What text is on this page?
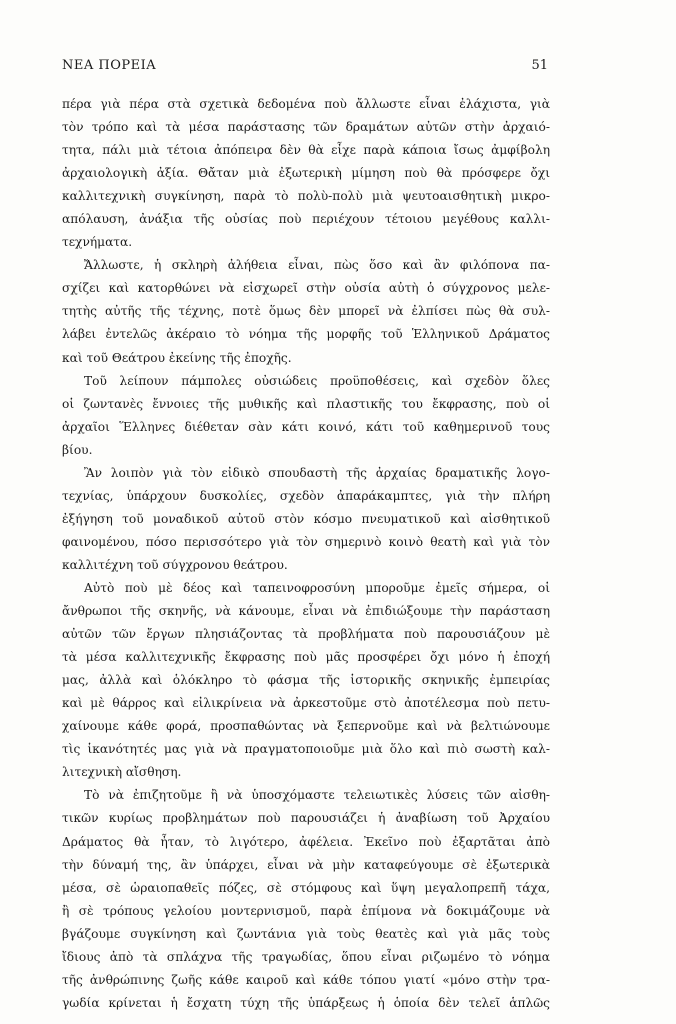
ΝΕΑ ΠΟΡΕΙΑ	51
πέρα γιὰ πέρα στὰ σχετικὰ δεδομένα ποὺ ἄλλωστε εἶναι ἐλάχιστα, γιὰ
τὸν τρόπο καὶ τὰ μέσα παράστασης τῶν δραμάτων αὐτῶν στὴν ἀρχαιό-
τητα, πάλι μιὰ τέτοια ἀπόπειρα δὲν θὰ εἶχε παρὰ κάποια ἴσως ἀμφίβολη
ἀρχαιολογικὴ ἀξία. Θἄταν μιὰ ἐξωτερικὴ μίμηση ποὺ θὰ πρόσφερε ὄχι
καλλιτεχνικὴ συγκίνηση, παρὰ τὸ πολὺ-πολὺ μιὰ ψευτοαισθητικὴ μικρο-
απόλαυση, ἀνάξια τῆς οὐσίας ποὺ περιέχουν τέτοιου μεγέθους καλλι-
τεχνήματα.
Ἄλλωστε, ἡ σκληρὴ ἀλήθεια εἶναι, πὼς ὅσο καὶ ἂν φιλόπονα πα-
σχίζει καὶ κατορθώνει νὰ εἰσχωρεῖ στὴν οὐσία αὐτὴ ὁ σύγχρονος μελε-
τητὴς αὐτῆς τῆς τέχνης, ποτὲ ὅμως δὲν μπορεῖ νὰ ἐλπίσει πὼς θὰ συλ-
λάβει ἐντελῶς ἀκέραιο τὸ νόημα τῆς μορφῆς τοῦ Ἑλληνικοῦ Δράματος
καὶ τοῦ Θεάτρου ἐκείνης τῆς ἐποχῆς.
Τοῦ λείπουν πάμπολες οὐσιώδεις προϋποθέσεις, καὶ σχεδὸν ὅλες
οἱ ζωντανὲς ἔννοιες τῆς μυθικῆς καὶ πλαστικῆς του ἔκφρασης, ποὺ οἱ
ἀρχαῖοι Ἕλληνες διέθεταν σὰν κάτι κοινό, κάτι τοῦ καθημερινοῦ τους
βίου.
Ἂν λοιπὸν γιὰ τὸν εἰδικὸ σπουδαστὴ τῆς ἀρχαίας δραματικῆς λογο-
τεχνίας, ὑπάρχουν δυσκολίες, σχεδὸν ἀπαράκαμπτες, γιὰ τὴν πλήρη
ἐξήγηση τοῦ μοναδικοῦ αὐτοῦ στὸν κόσμο πνευματικοῦ καὶ αἰσθητικοῦ
φαινομένου, πόσο περισσότερο γιὰ τὸν σημερινὸ κοινὸ θεατὴ καὶ γιὰ τὸν
καλλιτέχνη τοῦ σύγχρονου θεάτρου.
Αὐτὸ ποὺ μὲ δέος καὶ ταπεινοφροσύνη μποροῦμε ἐμεῖς σήμερα, οἱ
ἄνθρωποι τῆς σκηνῆς, νὰ κάνουμε, εἶναι νὰ ἐπιδιώξουμε τὴν παράσταση
αὐτῶν τῶν ἔργων πλησιάζοντας τὰ προβλήματα ποὺ παρουσιάζουν μὲ
τὰ μέσα καλλιτεχνικῆς ἔκφρασης ποὺ μᾶς προσφέρει ὄχι μόνο ἡ ἐποχή
μας, ἀλλὰ καὶ ὁλόκληρο τὸ φάσμα τῆς ἱστορικῆς σκηνικῆς ἐμπειρίας
καὶ μὲ θάρρος καὶ εἰλικρίνεια νὰ ἀρκεστοῦμε στὸ ἀποτέλεσμα ποὺ πετυ-
χαίνουμε κάθε φορά, προσπαθώντας νὰ ξεπερνοῦμε καὶ νὰ βελτιώνουμε
τὶς ἱκανότητές μας γιὰ νὰ πραγματοποιοῦμε μιὰ ὅλο καὶ πιὸ σωστὴ καλ-
λιτεχνικὴ αἴσθηση.
Τὸ νὰ ἐπιζητοῦμε ἢ νὰ ὑποσχόμαστε τελειωτικὲς λύσεις τῶν αἰσθη-
τικῶν κυρίως προβλημάτων ποὺ παρουσιάζει ἡ ἀναβίωση τοῦ Ἀρχαίου
Δράματος θὰ ἦταν, τὸ λιγότερο, ἀφέλεια. Ἐκεῖνο ποὺ ἐξαρτᾶται ἀπὸ
τὴν δύναμή της, ἂν ὑπάρχει, εἶναι νὰ μὴν καταφεύγουμε σὲ ἐξωτερικὰ
μέσα, σὲ ὡραιοπαθεῖς πόζες, σὲ στόμφους καὶ ὕψη μεγαλοπρεπῆ τάχα,
ἢ σὲ τρόπους γελοίου μοντερνισμοῦ, παρὰ ἐπίμονα νὰ δοκιμάζουμε νὰ
βγάζουμε συγκίνηση καὶ ζωντάνια γιὰ τοὺς θεατὲς καὶ γιὰ μᾶς τοὺς
ἴδιους ἀπὸ τὰ σπλάχνα τῆς τραγωδίας, ὅπου εἶναι ριζωμένο τὸ νόημα
τῆς ἀνθρώπινης ζωῆς κάθε καιροῦ καὶ κάθε τόπου γιατί «μόνο στὴν τρα-
γωδία κρίνεται ἡ ἔσχατη τύχη τῆς ὑπάρξεως ἡ ὁποία δὲν τελεῖ ἁπλῶς
